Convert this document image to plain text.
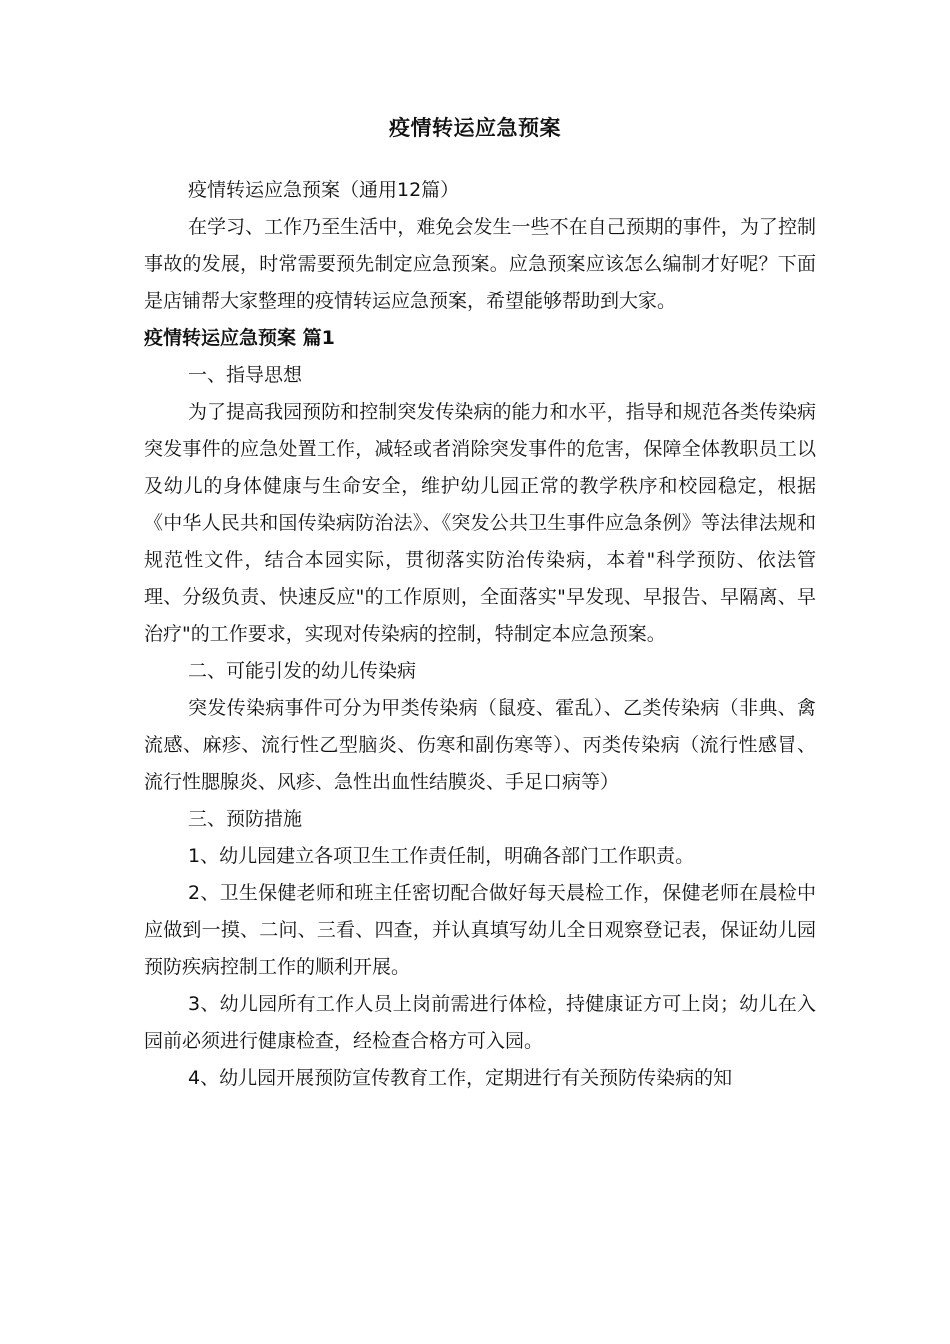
疫情转运应急预案

疫情转运应急预案（通用12篇）

在学习、工作乃至生活中，难免会发生一些不在自己预期的事件，为了控制事故的发展，时常需要预先制定应急预案。应急预案应该怎么编制才好呢？下面是店铺帮大家整理的疫情转运应急预案，希望能够帮助到大家。

疫情转运应急预案 篇1

一、指导思想

为了提高我园预防和控制突发传染病的能力和水平，指导和规范各类传染病突发事件的应急处置工作，减轻或者消除突发事件的危害，保障全体教职员工以及幼儿的身体健康与生命安全，维护幼儿园正常的教学秩序和校园稳定，根据《中华人民共和国传染病防治法》、《突发公共卫生事件应急条例》等法律法规和规范性文件，结合本园实际，贯彻落实防治传染病，本着"科学预防、依法管理、分级负责、快速反应"的工作原则，全面落实"早发现、早报告、早隔离、早治疗"的工作要求，实现对传染病的控制，特制定本应急预案。

二、可能引发的幼儿传染病

突发传染病事件可分为甲类传染病（鼠疫、霍乱）、乙类传染病（非典、禽流感、麻疹、流行性乙型脑炎、伤寒和副伤寒等）、丙类传染病（流行性感冒、流行性腮腺炎、风疹、急性出血性结膜炎、手足口病等）

三、预防措施

1、幼儿园建立各项卫生工作责任制，明确各部门工作职责。

2、卫生保健老师和班主任密切配合做好每天晨检工作，保健老师在晨检中应做到一摸、二问、三看、四查，并认真填写幼儿全日观察登记表，保证幼儿园预防疾病控制工作的顺利开展。

3、幼儿园所有工作人员上岗前需进行体检，持健康证方可上岗；幼儿在入园前必须进行健康检查，经检查合格方可入园。

4、幼儿园开展预防宣传教育工作，定期进行有关预防传染病的知
